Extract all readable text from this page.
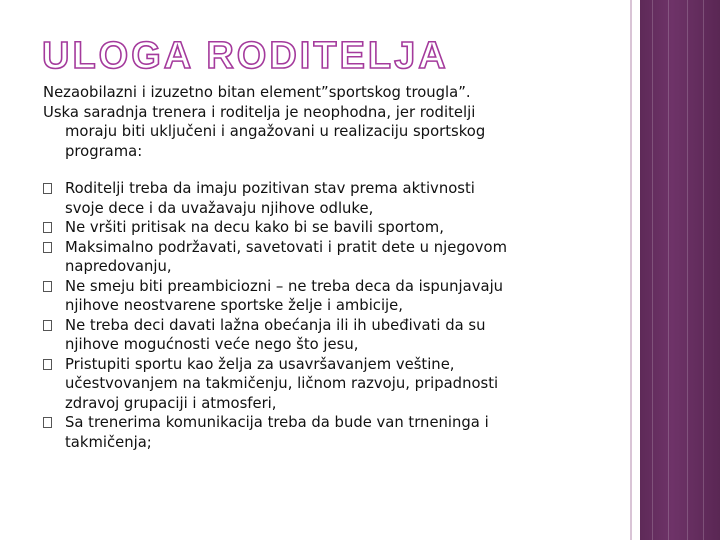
ULOGA RODITELJA

Nezaobilazni i izuzetno bitan element”sportskog trougla”.
Uska saradnja trenera i roditelja je neophodna, jer roditelji

moraju biti uključeni i angažovani u realizaciju sportskog
programa:

Roditelji treba da imaju pozitivan stav prema aktivnosti
svoje dece i da uvažavaju njihove odluke,
Ne vršiti pritisak na decu kako bi se bavili sportom,
Maksimalno podržavati, savetovati i pratit dete u njegovom
napredovanju,
Ne smeju biti preambiciozni – ne treba deca da ispunjavaju
njihove neostvarene sportske želje i ambicije,
Ne treba deci davati lažna obećanja ili ih ubeđivati da su
njihove mogućnosti veće nego što jesu,
Pristupiti sportu kao želja za usavršavanjem veštine,
učestvovanjem na takmičenju, ličnom razvoju, pripadnosti
zdravoj grupaciji i atmosferi,
Sa trenerima komunikacija treba da bude van trneninga i
takmičenja;
